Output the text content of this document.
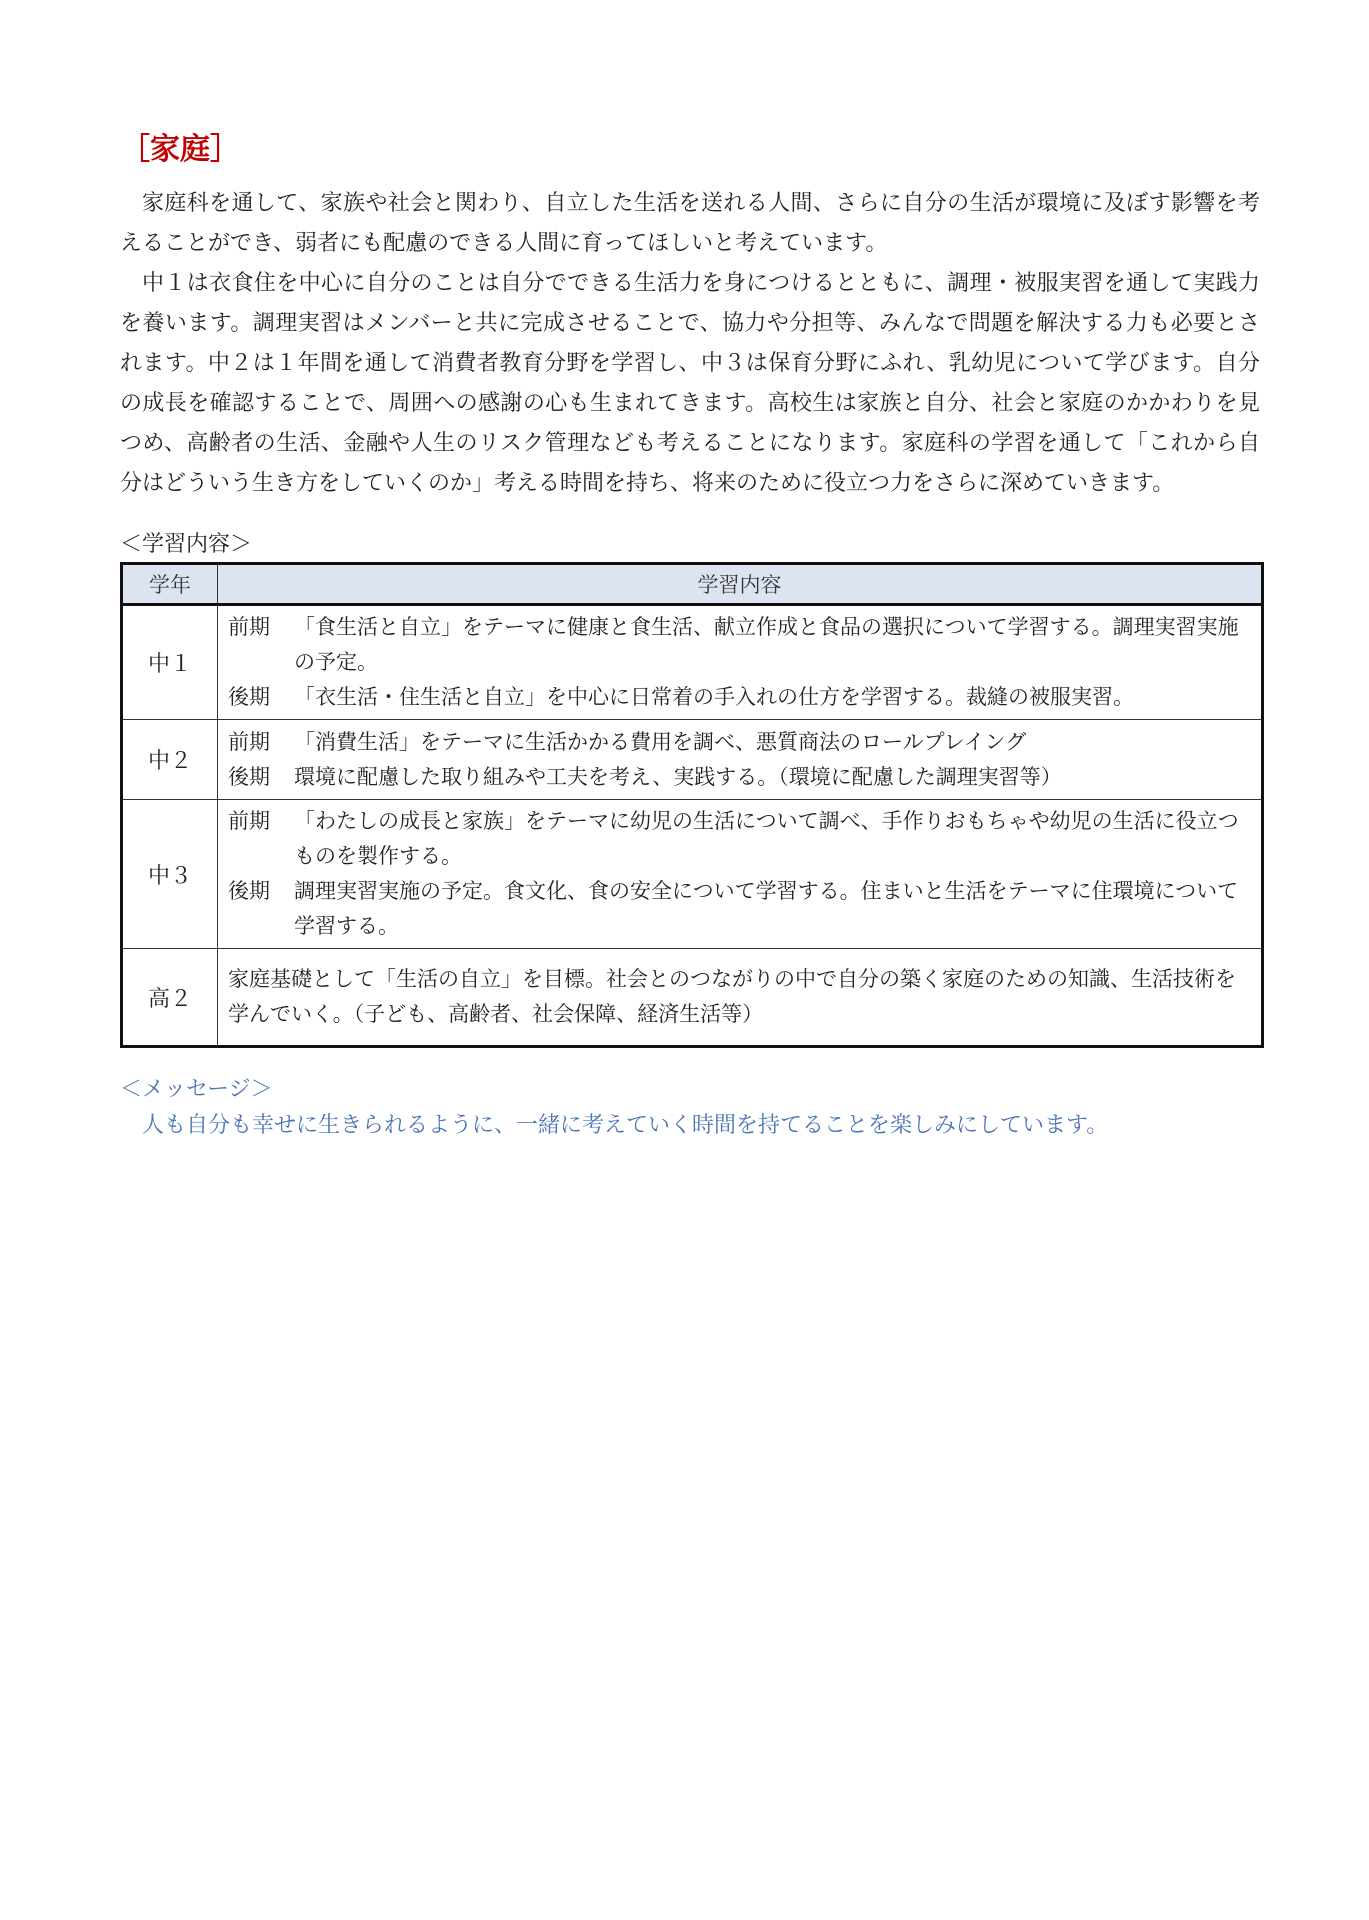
［家庭］

家庭科を通して、家族や社会と関わり、自立した生活を送れる人間、さらに自分の生活が環境に及ぼす影響を考えることができ、弱者にも配慮のできる人間に育ってほしいと考えています。

中１は衣食住を中心に自分のことは自分でできる生活力を身につけるとともに、調理・被服実習を通して実践力を養います。調理実習はメンバーと共に完成させることで、協力や分担等、みんなで問題を解決する力も必要とされます。中２は１年間を通して消費者教育分野を学習し、中３は保育分野にふれ、乳幼児について学びます。自分の成長を確認することで、周囲への感謝の心も生まれてきます。高校生は家族と自分、社会と家庭のかかわりを見つめ、高齢者の生活、金融や人生のリスク管理なども考えることになります。家庭科の学習を通して「これから自分はどういう生き方をしていくのか」考える時間を持ち、将来のために役立つ力をさらに深めていきます。

＜学習内容＞
学年	学習内容
中１	前期 「食生活と自立」をテーマに健康と食生活、献立作成と食品の選択について学習する。調理実習実施の予定。
後期 「衣生活・住生活と自立」を中心に日常着の手入れの仕方を学習する。裁縫の被服実習。

中２	前期 「消費生活」をテーマに生活かかる費用を調べ、悪質商法のロールプレイング
後期 環境に配慮した取り組みや工夫を考え、実践する。（環境に配慮した調理実習等）

中３	前期 「わたしの成長と家族」をテーマに幼児の生活について調べ、手作りおもちゃや幼児の生活に役立つものを製作する。
後期 調理実習実施の予定。食文化、食の安全について学習する。住まいと生活をテーマに住環境について学習する。

高２	家庭基礎として「生活の自立」を目標。社会とのつながりの中で自分の築く家庭のための知識、生活技術を学んでいく。（子ども、高齢者、社会保障、経済生活等）
＜メッセージ＞

人も自分も幸せに生きられるように、一緒に考えていく時間を持てることを楽しみにしています。
